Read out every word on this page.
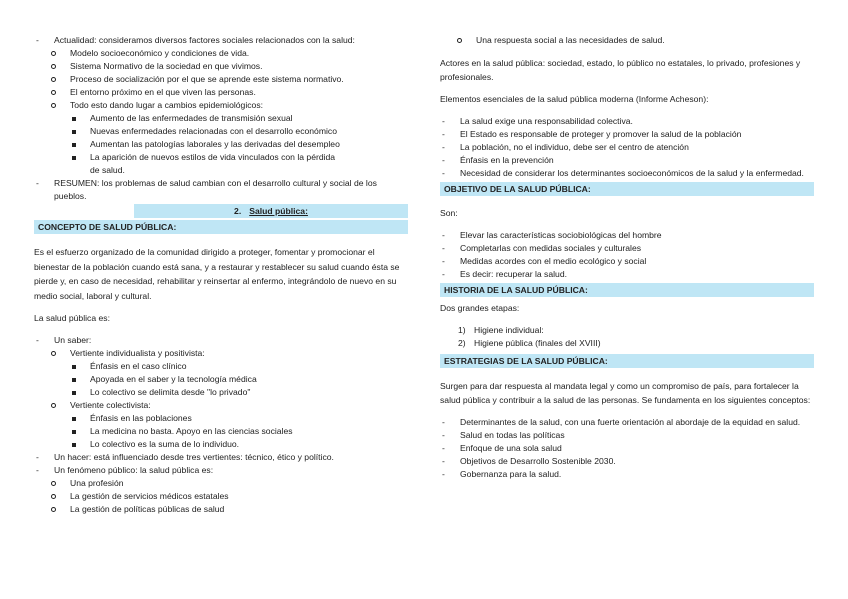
- Actualidad: consideramos diversos factores sociales relacionados con la salud:
Modelo socioeconómico y condiciones de vida.
Sistema Normativo de la sociedad en que vivimos.
Proceso de socialización por el que se aprende este sistema normativo.
El entorno próximo en el que viven las personas.
Todo esto dando lugar a cambios epidemiológicos:
Aumento de las enfermedades de transmisión sexual
Nuevas enfermedades relacionadas con el desarrollo económico
Aumentan las patologías laborales y las derivadas del desempleo
La aparición de nuevos estilos de vida vinculados con la pérdida de salud.
- RESUMEN: los problemas de salud cambian con el desarrollo cultural y social de los pueblos.
2. Salud pública:
CONCEPTO DE SALUD PÚBLICA:

Es el esfuerzo organizado de la comunidad dirigido a proteger, fomentar y promocionar el bienestar de la población cuando está sana, y a restaurar y restablecer su salud cuando ésta se pierde y, en caso de necesidad, rehabilitar y reinsertar al enfermo, integrándolo de nuevo en su medio social, laboral y cultural.

La salud pública es:

- Un saber:
Vertiente individualista y positivista:
Énfasis en el caso clínico
Apoyada en el saber y la tecnología médica
Lo colectivo se delimita desde "lo privado"
Vertiente colectivista:
Énfasis en las poblaciones
La medicina no basta. Apoyo en las ciencias sociales
Lo colectivo es la suma de lo individuo.
- Un hacer: está influenciado desde tres vertientes: técnico, ético y político.
- Un fenómeno público: la salud pública es:
Una profesión
La gestión de servicios médicos estatales
La gestión de políticas públicas de salud
Una respuesta social a las necesidades de salud.

Actores en la salud pública: sociedad, estado, lo público no estatales, lo privado, profesiones y profesionales.

Elementos esenciales de la salud pública moderna (Informe Acheson):

- La salud exige una responsabilidad colectiva.
- El Estado es responsable de proteger y promover la salud de la población
- La población, no el individuo, debe ser el centro de atención
- Énfasis en la prevención
- Necesidad de considerar los determinantes socioeconómicos de la salud y la enfermedad.
OBJETIVO DE LA SALUD PÚBLICA:

Son:

- Elevar las características sociobiológicas del hombre
- Completarlas con medidas sociales y culturales
- Medidas acordes con el medio ecológico y social
- Es decir: recuperar la salud.
HISTORIA DE LA SALUD PÚBLICA:

Dos grandes etapas:

1) Higiene individual:
2) Higiene pública (finales del XVIII)
ESTRATEGIAS DE LA SALUD PÚBLICA:

Surgen para dar respuesta al mandata legal y como un compromiso de país, para fortalecer la salud pública y contribuir a la salud de las personas. Se fundamenta en los siguientes conceptos:

- Determinantes de la salud, con una fuerte orientación al abordaje de la equidad en salud.
- Salud en todas las políticas
- Enfoque de una sola salud
- Objetivos de Desarrollo Sostenible 2030.
- Gobernanza para la salud.
